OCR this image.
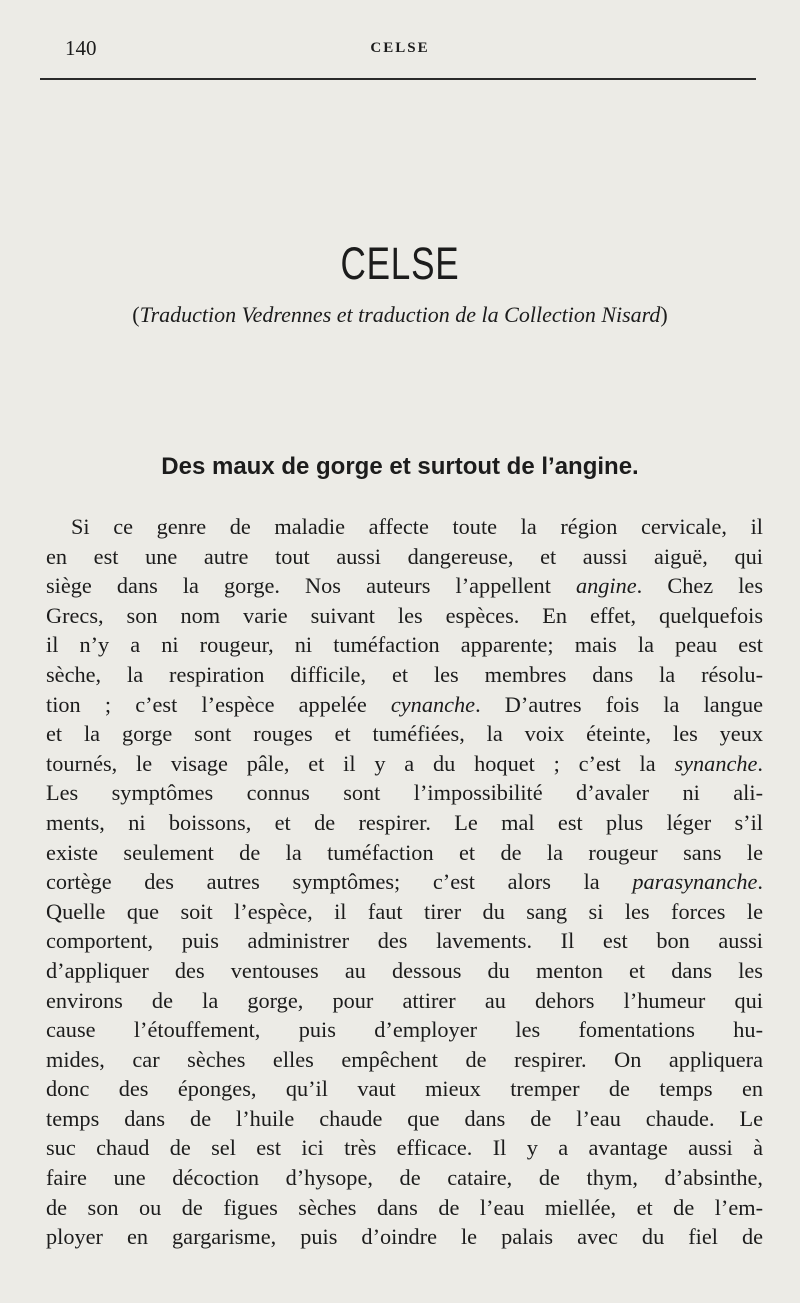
140	CELSE
CELSE
(Traduction Vedrennes et traduction de la Collection Nisard)
Des maux de gorge et surtout de l’angine.
Si ce genre de maladie affecte toute la région cervicale, il
en est une autre tout aussi dangereuse, et aussi aiguë, qui
siège dans la gorge. Nos auteurs l’appellent angine. Chez les
Grecs, son nom varie suivant les espèces. En effet, quelquefois
il n’y a ni rougeur, ni tuméfaction apparente; mais la peau est
sèche, la respiration difficile, et les membres dans la résolu-
tion ; c’est l’espèce appelée cynanche. D’autres fois la langue
et la gorge sont rouges et tuméfiées, la voix éteinte, les yeux
tournés, le visage pâle, et il y a du hoquet ; c’est la synanche.
Les symptômes connus sont l’impossibilité d’avaler ni ali-
ments, ni boissons, et de respirer. Le mal est plus léger s’il
existe seulement de la tuméfaction et de la rougeur sans le
cortège des autres symptômes; c’est alors la parasynanche.
Quelle que soit l’espèce, il faut tirer du sang si les forces le
comportent, puis administrer des lavements. Il est bon aussi
d’appliquer des ventouses au dessous du menton et dans les
environs de la gorge, pour attirer au dehors l’humeur qui
cause l’étouffement, puis d’employer les fomentations hu-
mides, car sèches elles empêchent de respirer. On appliquera
donc des éponges, qu’il vaut mieux tremper de temps en
temps dans de l’huile chaude que dans de l’eau chaude. Le
suc chaud de sel est ici très efficace. Il y a avantage aussi à
faire une décoction d’hysope, de cataire, de thym, d’absinthe,
de son ou de figues sèches dans de l’eau miellée, et de l’em-
ployer en gargarisme, puis d’oindre le palais avec du fiel de
